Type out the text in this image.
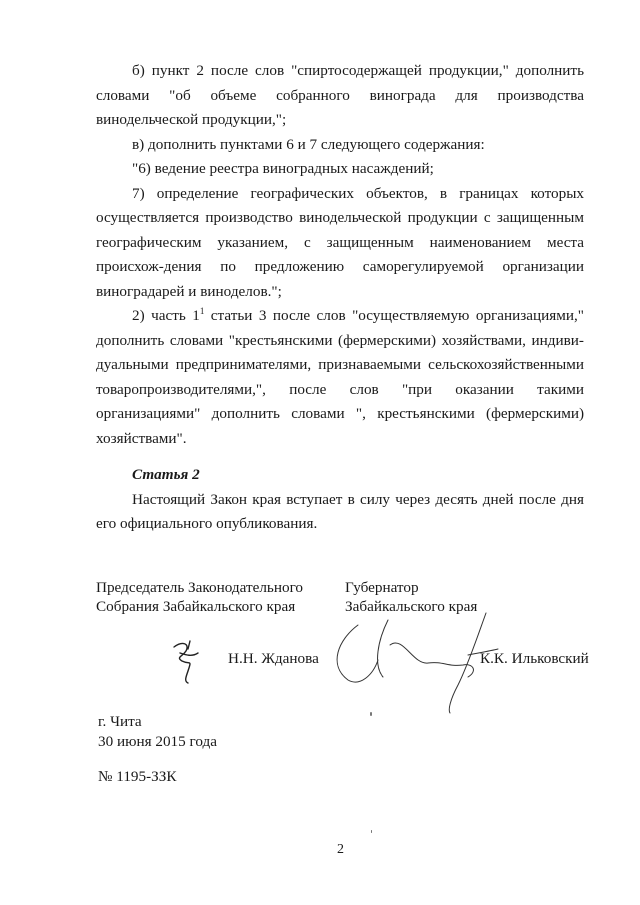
б) пункт 2 после слов "спиртосодержащей продукции," дополнить словами "об объеме собранного винограда для производства винодельческой продукции,";

в) дополнить пунктами 6 и 7 следующего содержания:

"6) ведение реестра виноградных насаждений;

7) определение географических объектов, в границах которых осуществляется производство винодельческой продукции с защищенным географическим указанием, с защищенным наименованием места происхож-дения по предложению саморегулируемой организации виноградарей и виноделов.";

2) часть $1^1$ статьи 3 после слов "осуществляемую организациями," дополнить словами "крестьянскими (фермерскими) хозяйствами, индиви-дуальными предпринимателями, признаваемыми сельскохозяйственными товаропроизводителями,", после слов "при оказании такими организациями" дополнить словами ", крестьянскими (фермерскими) хозяйствами".

Статья 2

Настоящий Закон края вступает в силу через десять дней после дня его официального опубликования.

Председатель Законодательного
Собрания Забайкальского края
Губернатор
Забайкальского края
Н.Н. Жданова	К.К. Ильковский
г. Чита
30 июня 2015 года
№ 1195-ЗЗК
2
